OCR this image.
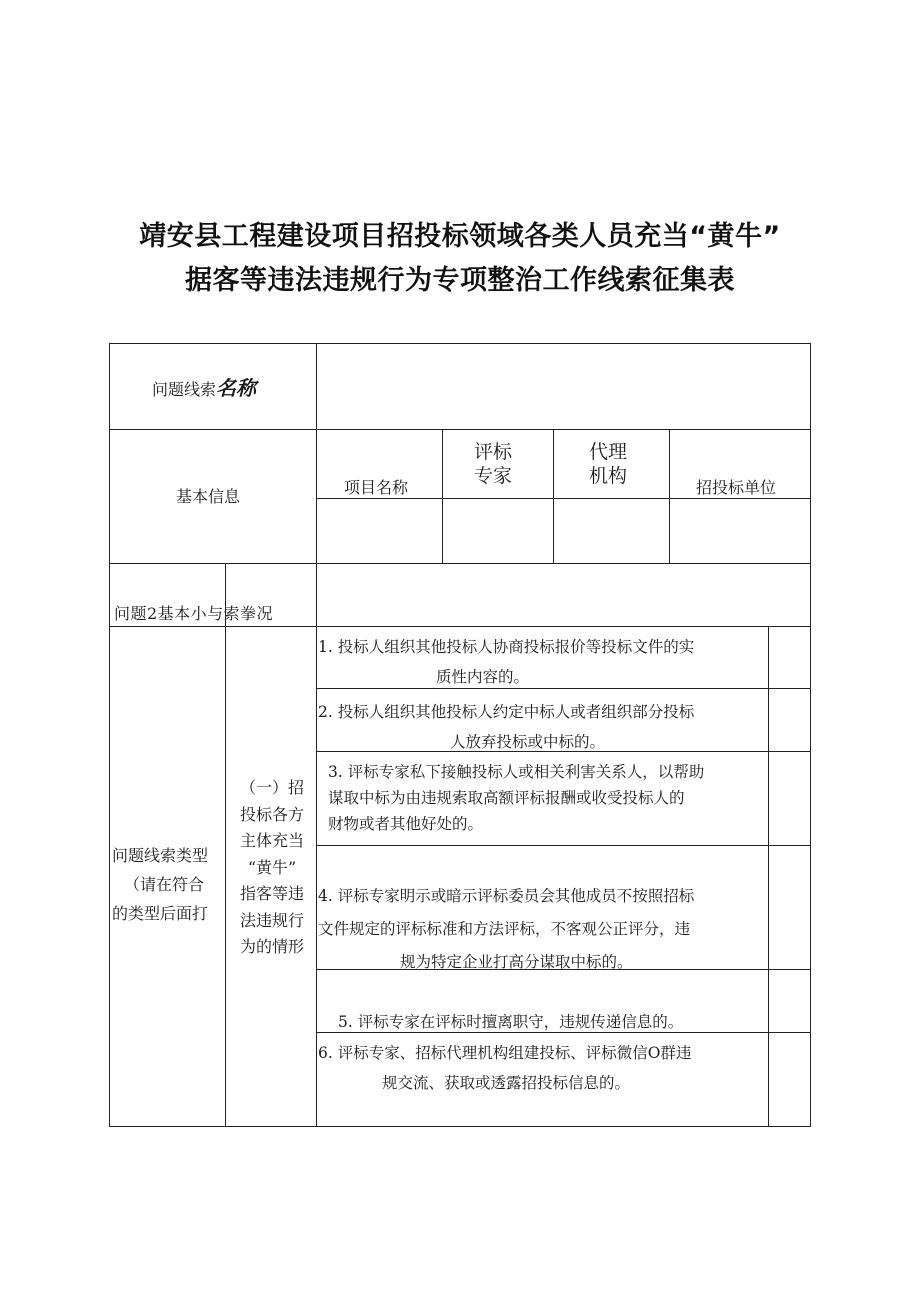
靖安县工程建设项目招投标领域各类人员充当“黄牛”
据客等违法违规行为专项整治工作线索征集表
问题线索名称
基本信息	项目名称
评标
专家
代理
机构
招投标单位
问题2基本小与索拳况
问题线索类型
（请在符合
的类型后面打
（一）招
投标各方
主体充当
“黄牛”
指客等违
法违规行
为的情形
1. 投标人组织其他投标人协商投标报价等投标文件的实
质性内容的。
2. 投标人组织其他投标人约定中标人或者组织部分投标
人放弃投标或中标的。
3. 评标专家私下接触投标人或相关利害关系人，以帮助
谋取中标为由违规索取高额评标报酬或收受投标人的
财物或者其他好处的。
4. 评标专家明示或暗示评标委员会其他成员不按照招标
文件规定的评标标准和方法评标，不客观公正评分，违
规为特定企业打高分谋取中标的。
5. 评标专家在评标时擅离职守，违规传递信息的。
6. 评标专家、招标代理机构组建投标、评标微信O群违
规交流、获取或透露招投标信息的。
